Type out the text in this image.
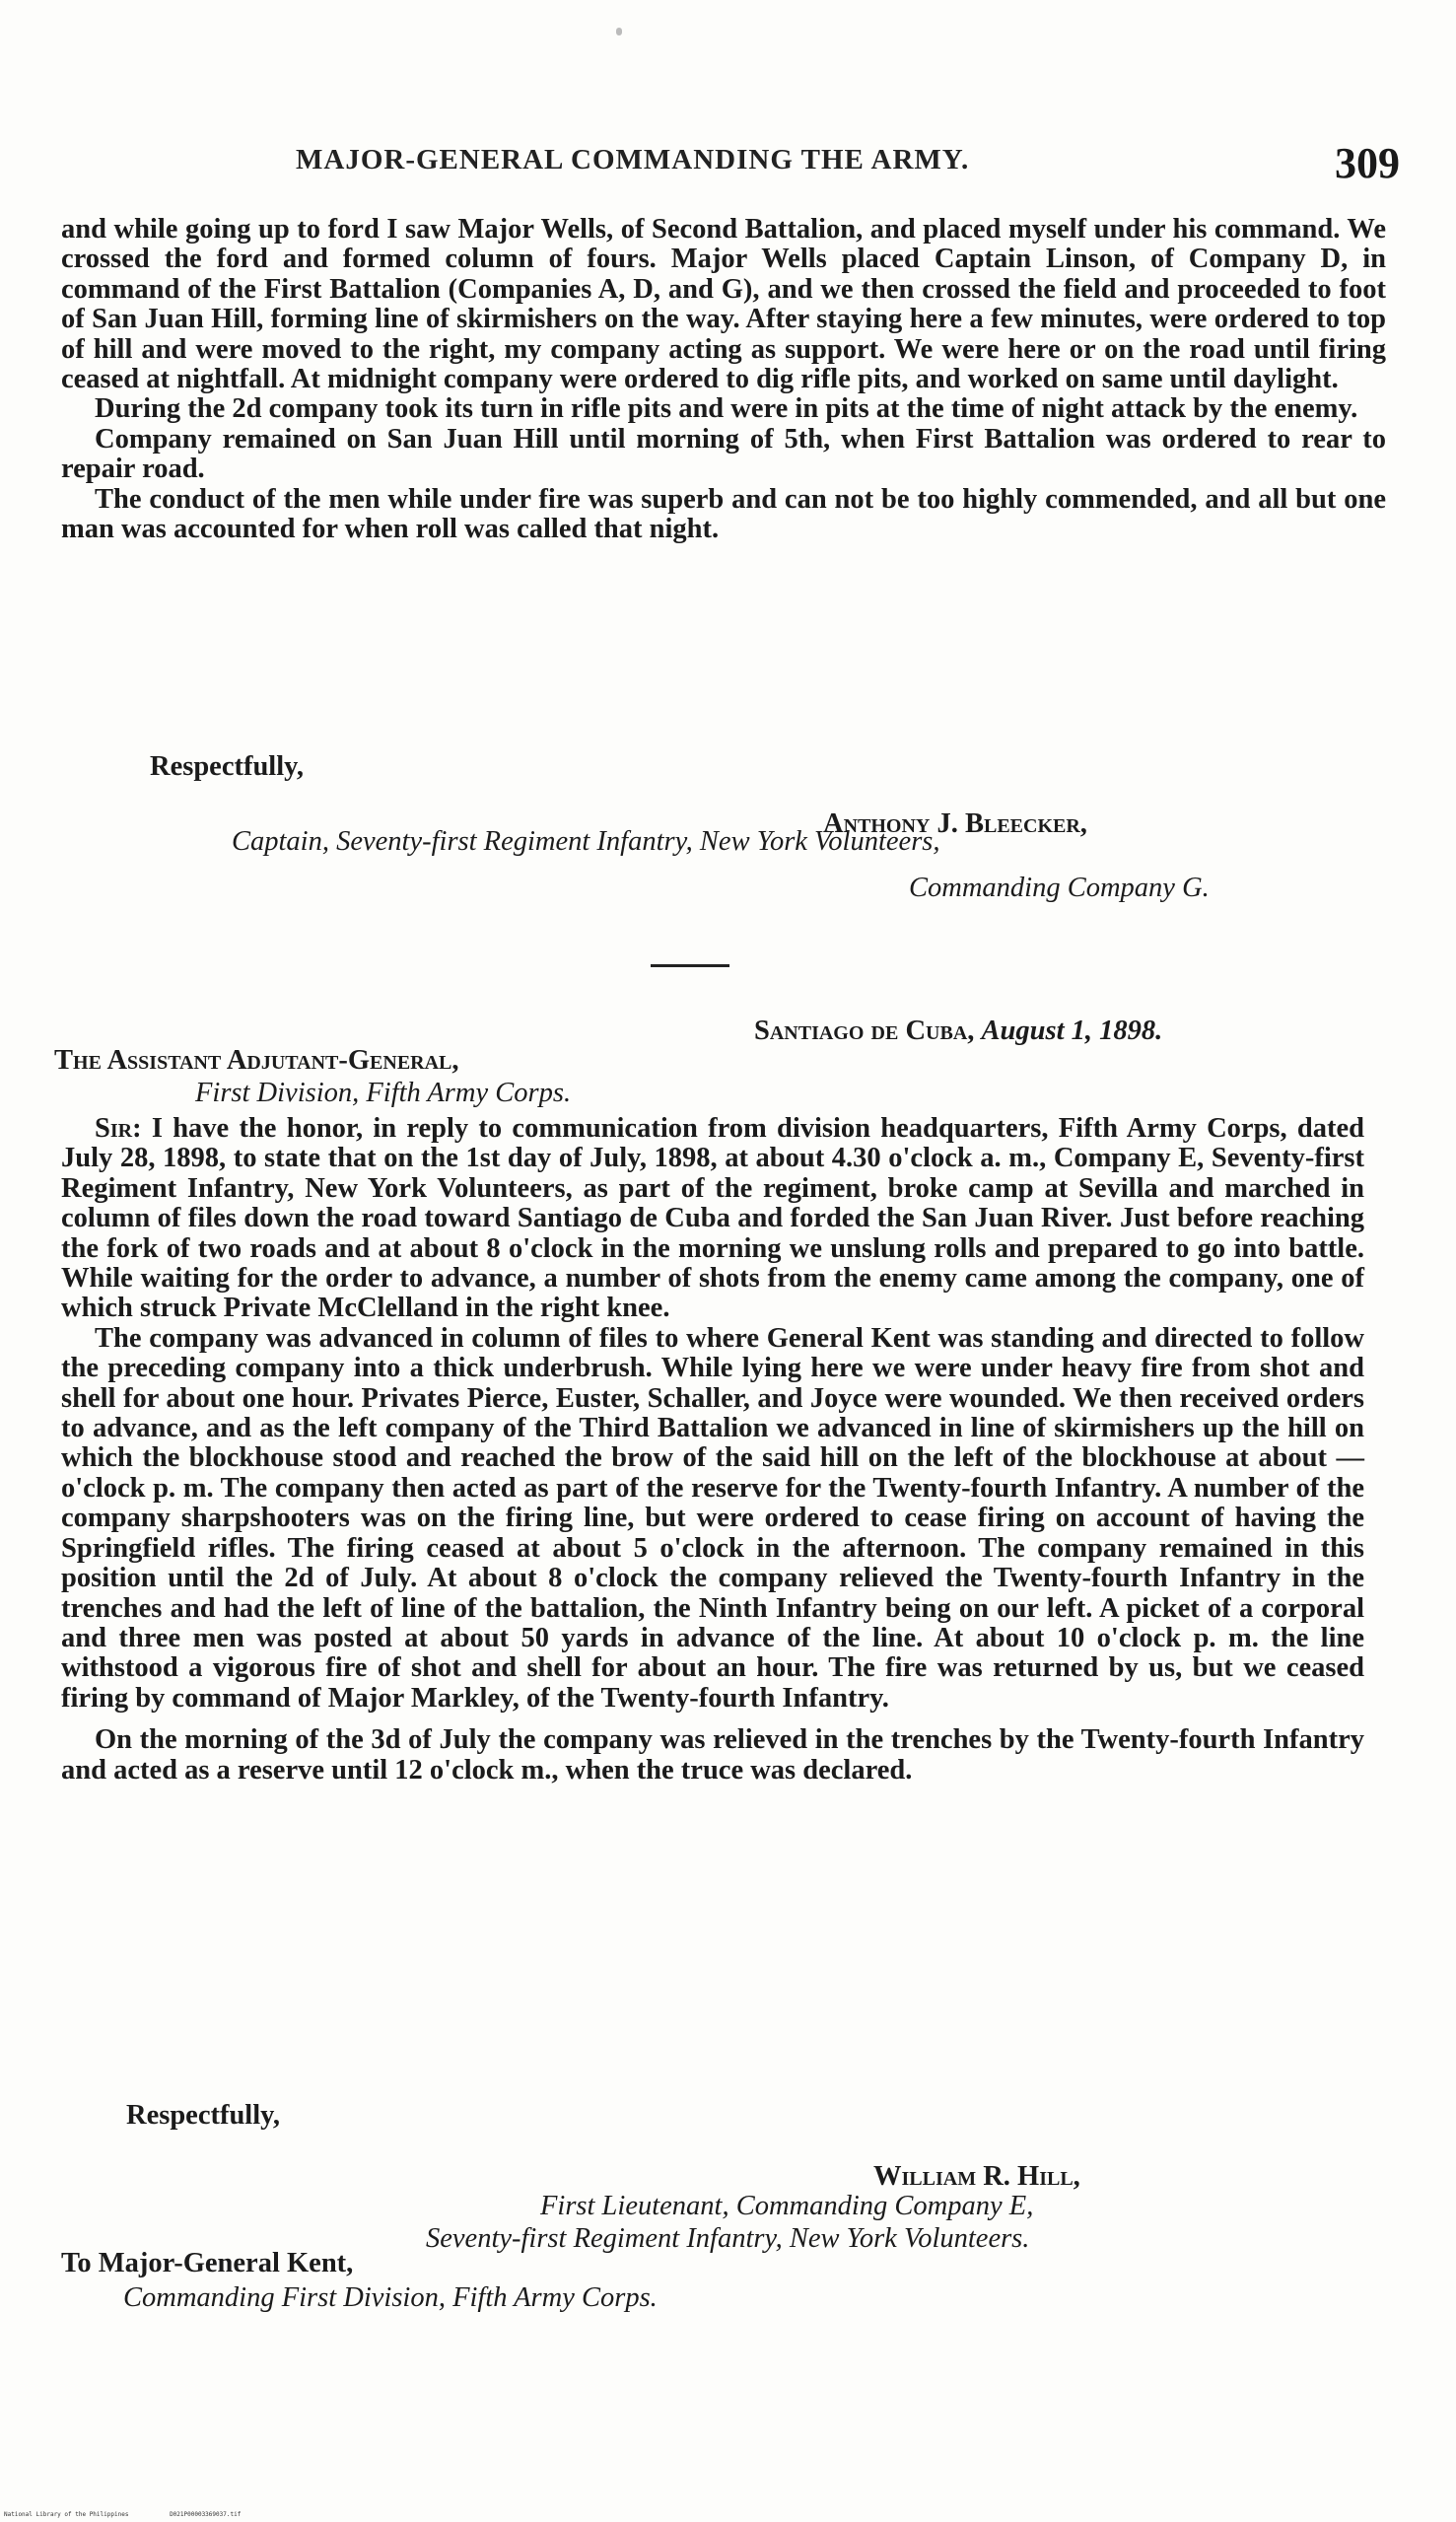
MAJOR-GENERAL COMMANDING THE ARMY.	309

and while going up to ford I saw Major Wells, of Second Battalion, and placed myself under his command. We crossed the ford and formed column of fours. Major Wells placed Captain Linson, of Company D, in command of the First Battalion (Companies A, D, and G), and we then crossed the field and proceeded to foot of San Juan Hill, forming line of skirmishers on the way. After staying here a few minutes, were ordered to top of hill and were moved to the right, my company acting as support. We were here or on the road until firing ceased at nightfall. At midnight company were ordered to dig rifle pits, and worked on same until daylight.

During the 2d company took its turn in rifle pits and were in pits at the time of night attack by the enemy.

Company remained on San Juan Hill until morning of 5th, when First Battalion was ordered to rear to repair road.

The conduct of the men while under fire was superb and can not be too highly commended, and all but one man was accounted for when roll was called that night.

Respectfully,
Anthony J. Bleecker,
Captain, Seventy-first Regiment Infantry, New York Volunteers,
Commanding Company G.
Santiago de Cuba, August 1, 1898.
The Assistant Adjutant-General,
First Division, Fifth Army Corps.

Sir: I have the honor, in reply to communication from division headquarters, Fifth Army Corps, dated July 28, 1898, to state that on the 1st day of July, 1898, at about 4.30 o'clock a. m., Company E, Seventy-first Regiment Infantry, New York Volunteers, as part of the regiment, broke camp at Sevilla and marched in column of files down the road toward Santiago de Cuba and forded the San Juan River. Just before reaching the fork of two roads and at about 8 o'clock in the morning we unslung rolls and prepared to go into battle. While waiting for the order to advance, a number of shots from the enemy came among the company, one of which struck Private McClelland in the right knee.

The company was advanced in column of files to where General Kent was standing and directed to follow the preceding company into a thick underbrush. While lying here we were under heavy fire from shot and shell for about one hour. Privates Pierce, Euster, Schaller, and Joyce were wounded. We then received orders to advance, and as the left company of the Third Battalion we advanced in line of skirmishers up the hill on which the blockhouse stood and reached the brow of the said hill on the left of the blockhouse at about — o'clock p. m. The company then acted as part of the reserve for the Twenty-fourth Infantry. A number of the company sharpshooters was on the firing line, but were ordered to cease firing on account of having the Springfield rifles. The firing ceased at about 5 o'clock in the afternoon. The company remained in this position until the 2d of July. At about 8 o'clock the company relieved the Twenty-fourth Infantry in the trenches and had the left of line of the battalion, the Ninth Infantry being on our left. A picket of a corporal and three men was posted at about 50 yards in advance of the line. At about 10 o'clock p. m. the line withstood a vigorous fire of shot and shell for about an hour. The fire was returned by us, but we ceased firing by command of Major Markley, of the Twenty-fourth Infantry.

On the morning of the 3d of July the company was relieved in the trenches by the Twenty-fourth Infantry and acted as a reserve until 12 o'clock m., when the truce was declared.

Respectfully,
William R. Hill,
First Lieutenant, Commanding Company E,
Seventy-first Regiment Infantry, New York Volunteers.
To Major-General Kent,
Commanding First Division, Fifth Army Corps.
National Library of the Philippines	D021P00003369037.tif
